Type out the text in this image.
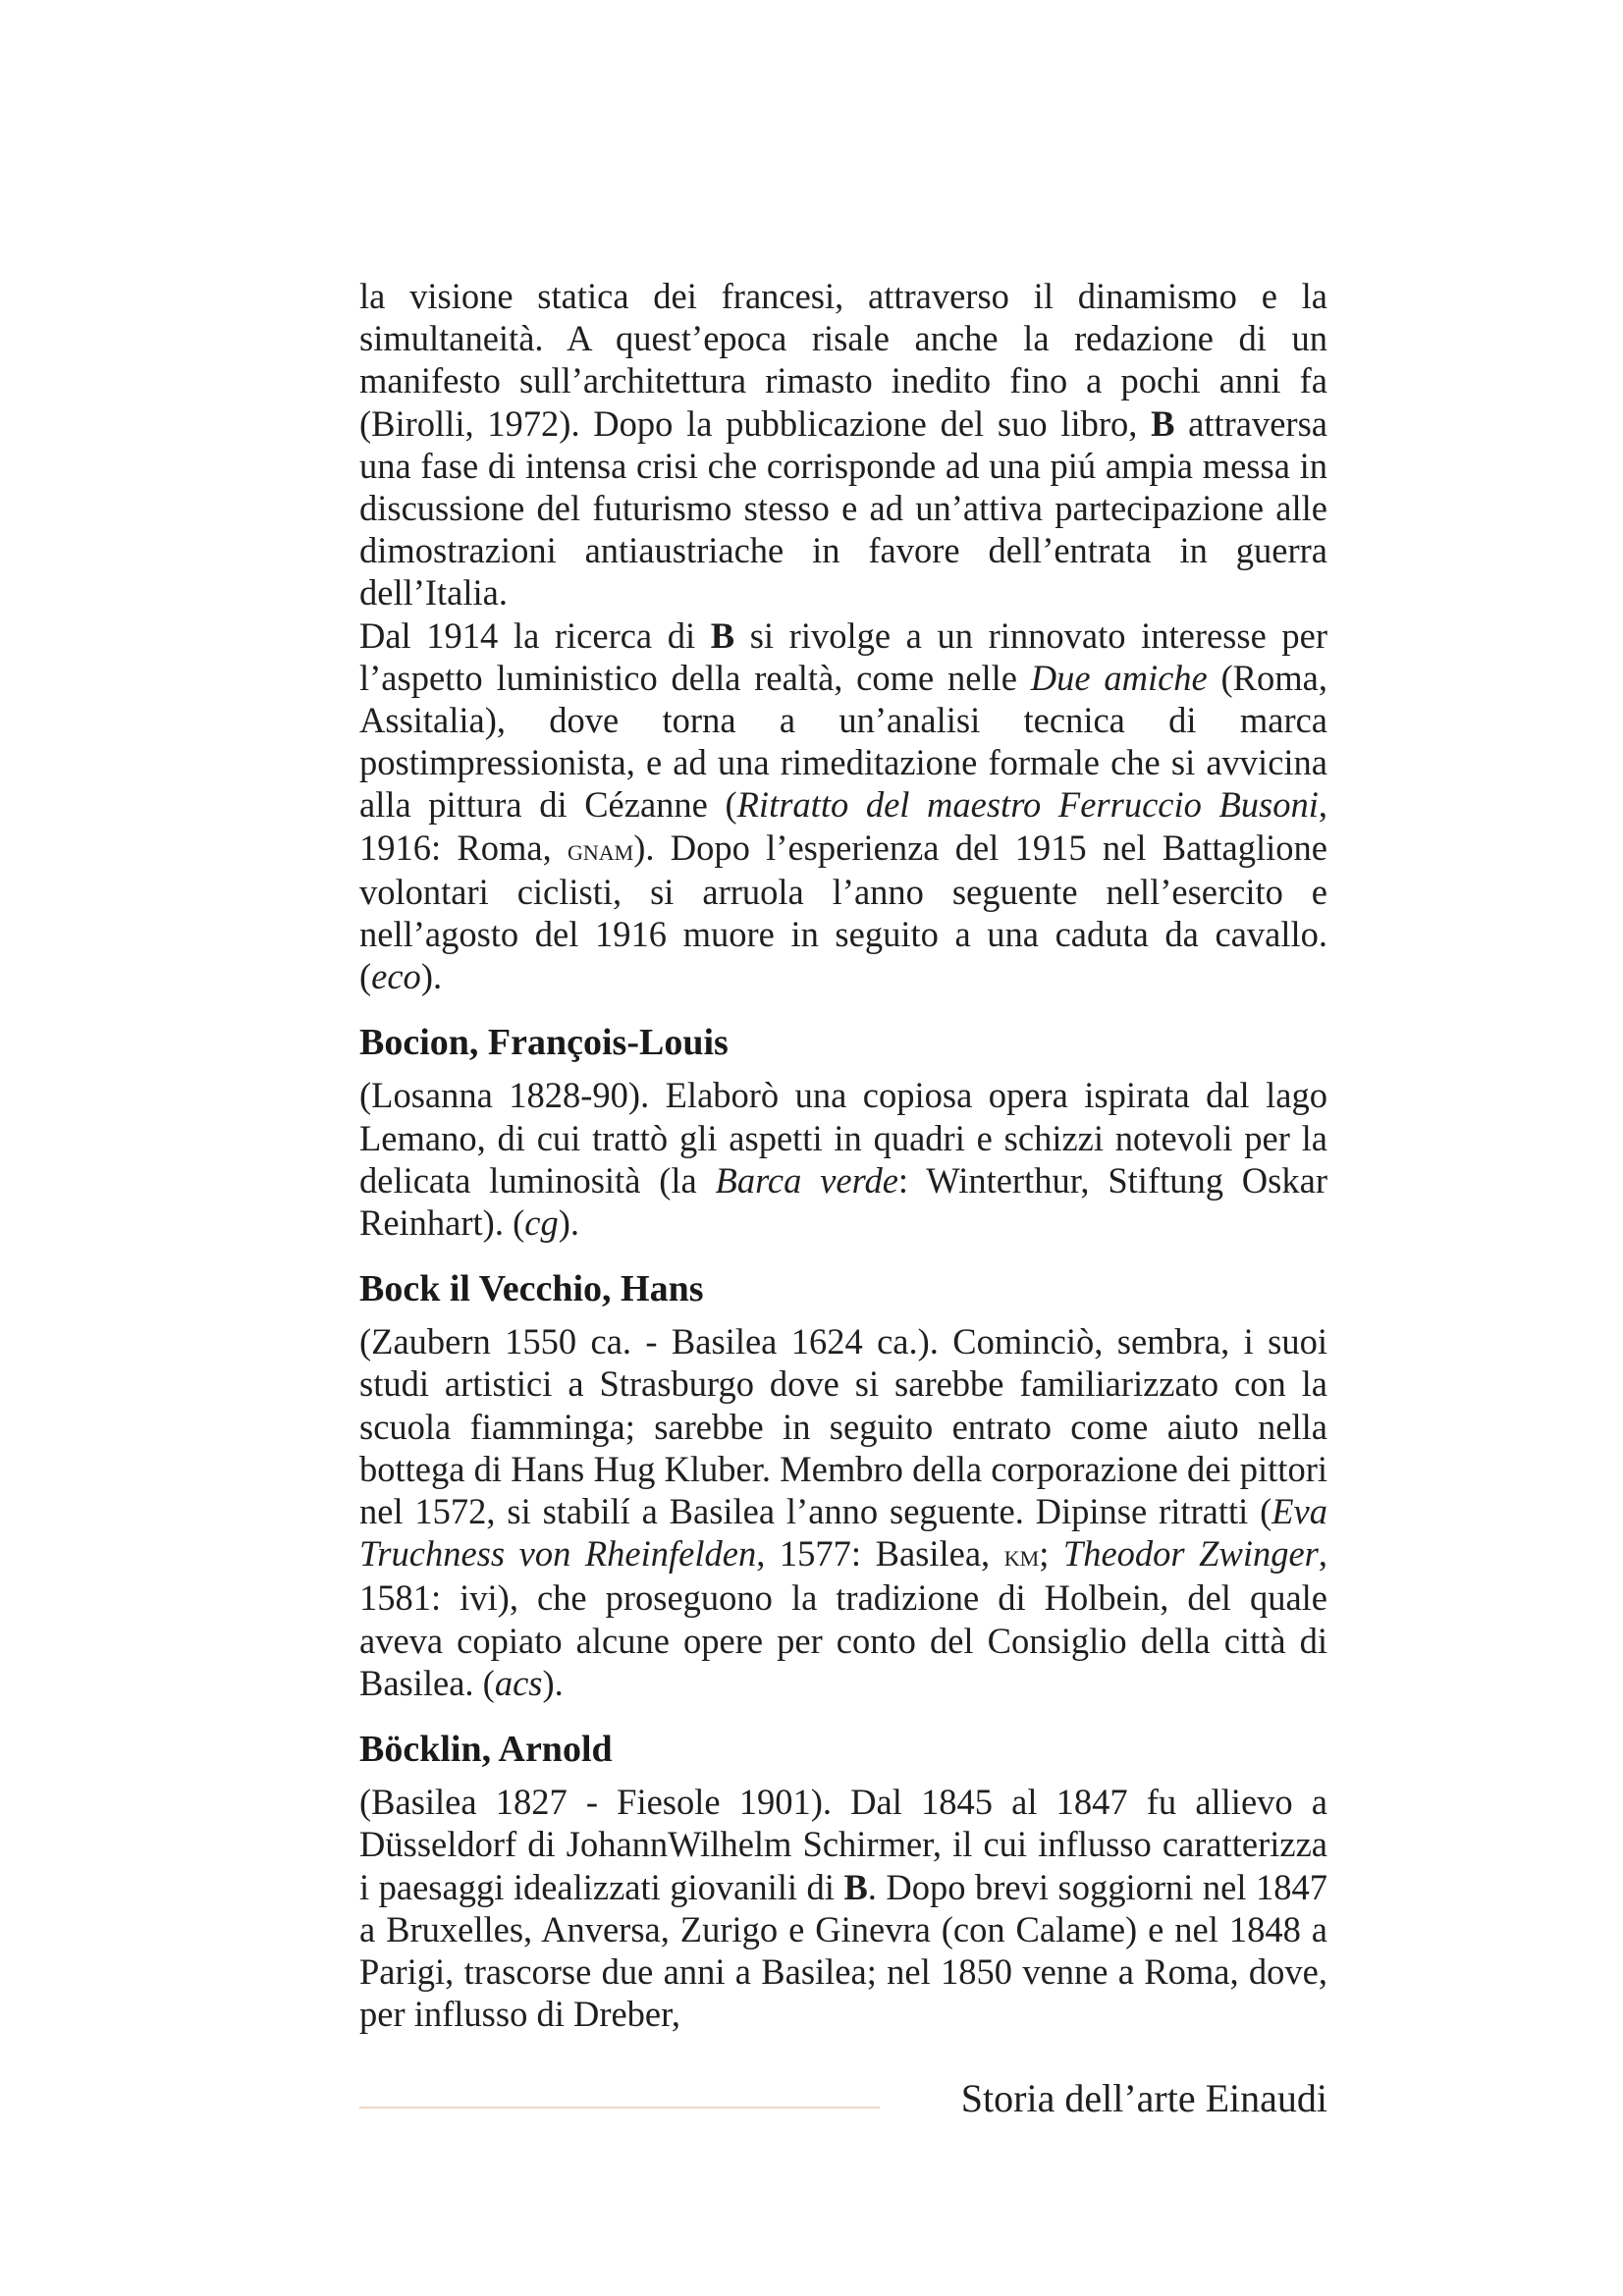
la visione statica dei francesi, attraverso il dinamismo e la simultaneità. A quest’epoca risale anche la redazione di un manifesto sull’architettura rimasto inedito fino a pochi anni fa (Birolli, 1972). Dopo la pubblicazione del suo libro, B attraversa una fase di intensa crisi che corrisponde ad una piú ampia messa in discussione del futurismo stesso e ad un’attiva partecipazione alle dimostrazioni antiaustriache in favore dell’entrata in guerra dell’Italia.

Dal 1914 la ricerca di B si rivolge a un rinnovato interesse per l’aspetto luministico della realtà, come nelle Due amiche (Roma, Assitalia), dove torna a un’analisi tecnica di marca postimpressionista, e ad una rimeditazione formale che si avvicina alla pittura di Cézanne (Ritratto del maestro Ferruccio Busoni, 1916: Roma, gnam). Dopo l’esperienza del 1915 nel Battaglione volontari ciclisti, si arruola l’anno seguente nell’esercito e nell’agosto del 1916 muore in seguito a una caduta da cavallo. (eco).

Bocion, François-Louis

(Losanna 1828-90). Elaborò una copiosa opera ispirata dal lago Lemano, di cui trattò gli aspetti in quadri e schizzi notevoli per la delicata luminosità (la Barca verde: Winterthur, Stiftung Oskar Reinhart). (cg).

Bock il Vecchio, Hans

(Zaubern 1550 ca. - Basilea 1624 ca.). Cominciò, sembra, i suoi studi artistici a Strasburgo dove si sarebbe familiarizzato con la scuola fiamminga; sarebbe in seguito entrato come aiuto nella bottega di Hans Hug Kluber. Membro della corporazione dei pittori nel 1572, si stabilí a Basilea l’anno seguente. Dipinse ritratti (Eva Truchness von Rheinfelden, 1577: Basilea, km; Theodor Zwinger, 1581: ivi), che proseguono la tradizione di Holbein, del quale aveva copiato alcune opere per conto del Consiglio della città di Basilea. (acs).

Böcklin, Arnold

(Basilea 1827 - Fiesole 1901). Dal 1845 al 1847 fu allievo a Düsseldorf di JohannWilhelm Schirmer, il cui influsso caratterizza i paesaggi idealizzati giovanili di B. Dopo brevi soggiorni nel 1847 a Bruxelles, Anversa, Zurigo e Ginevra (con Calame) e nel 1848 a Parigi, trascorse due anni a Basilea; nel 1850 venne a Roma, dove, per influsso di Dreber,

Storia dell’arte Einaudi
